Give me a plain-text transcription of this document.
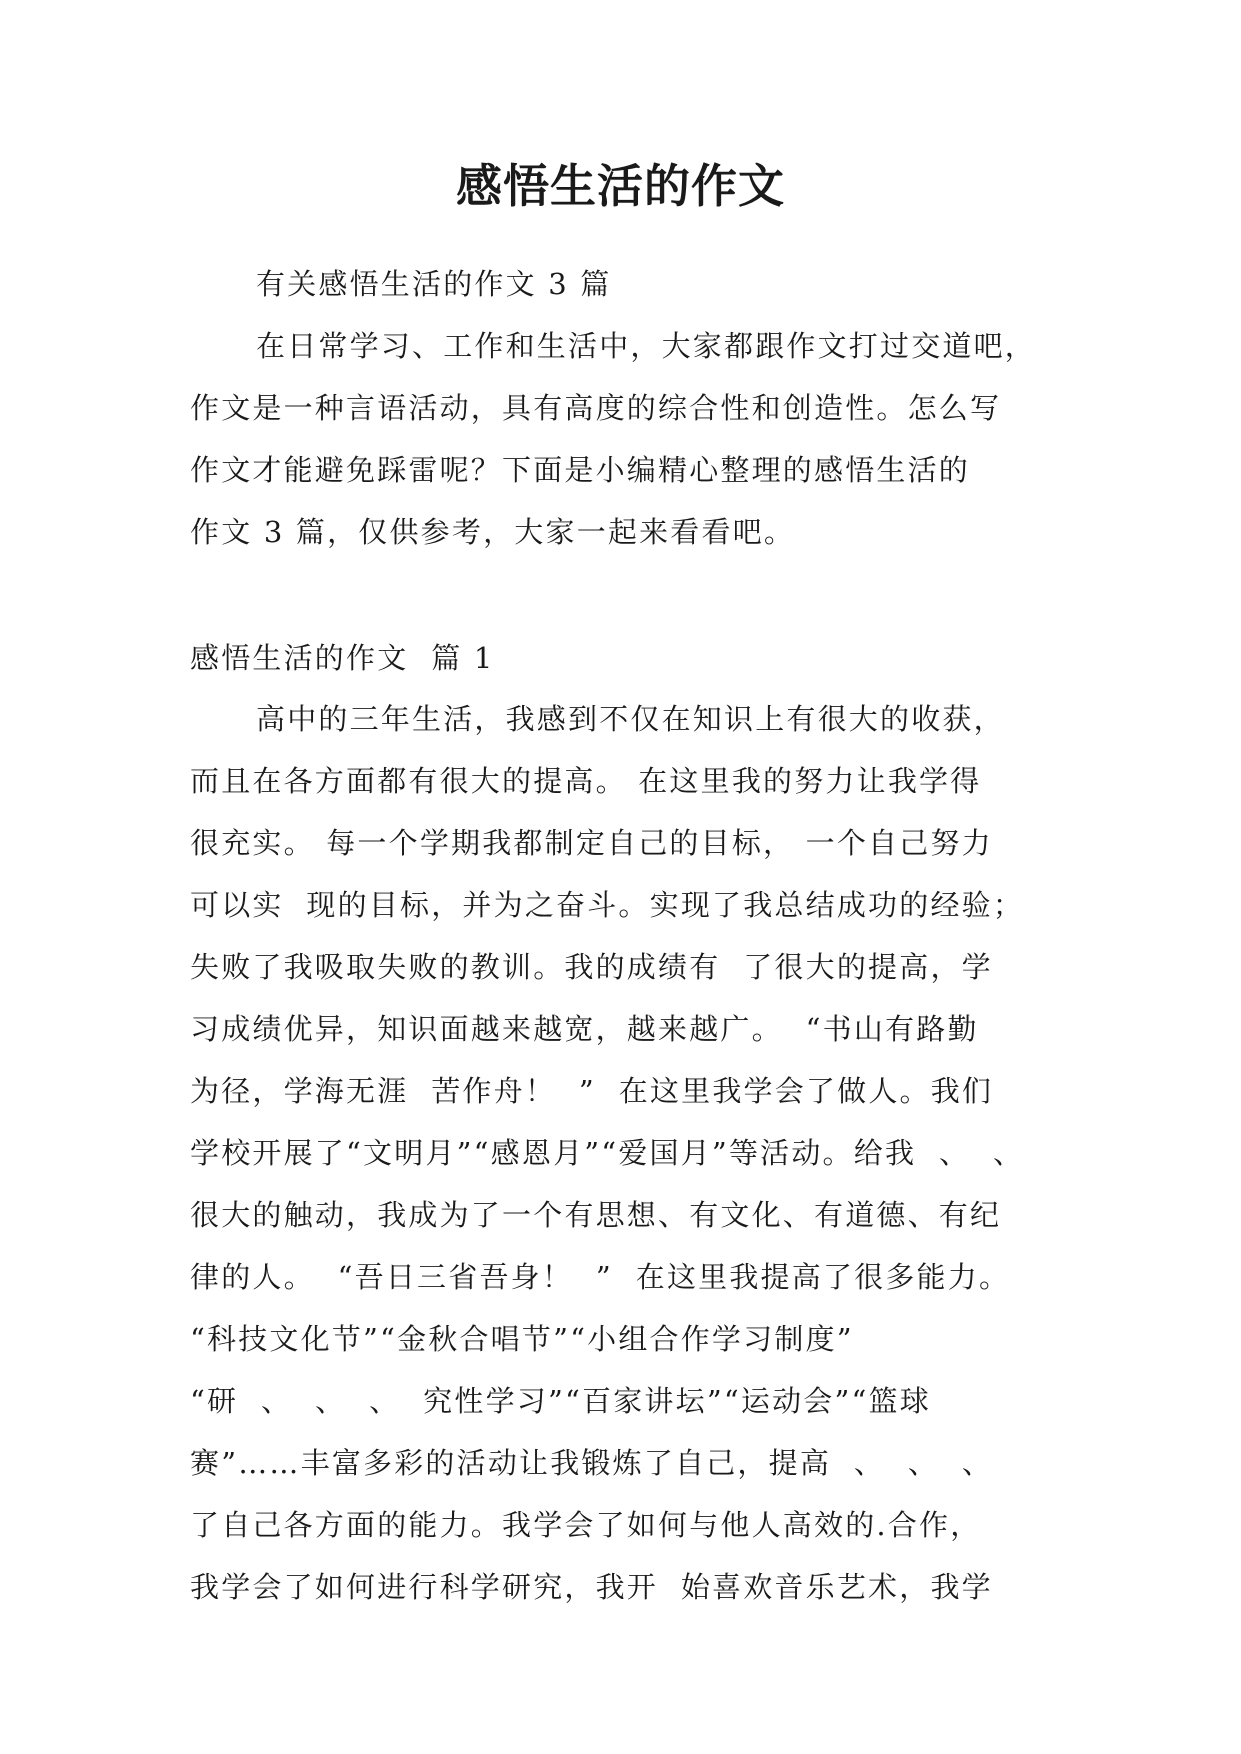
感悟生活的作文

有关感悟生活的作文 3 篇

在日常学习、工作和生活中，大家都跟作文打过交道吧，

作文是一种言语活动，具有高度的综合性和创造性。怎么写

作文才能避免踩雷呢？下面是小编精心整理的感悟生活的

作文 3 篇，仅供参考，大家一起来看看吧。

感悟生活的作文  篇 1

高中的三年生活，我感到不仅在知识上有很大的收获，

而且在各方面都有很大的提高。 在这里我的努力让我学得

很充实。 每一个学期我都制定自己的目标， 一个自己努力

可以实  现的目标，并为之奋斗。实现了我总结成功的经验；

失败了我吸取失败的教训。我的成绩有  了很大的提高，学

习成绩优异，知识面越来越宽，越来越广。  “书山有路勤

为径，学海无涯  苦作舟！  ”  在这里我学会了做人。我们

学校开展了“文明月”“感恩月”“爱国月”等活动。给我  、  、

很大的触动，我成为了一个有思想、有文化、有道德、有纪

律的人。  “吾日三省吾身！  ”  在这里我提高了很多能力。

“科技文化节”“金秋合唱节”“小组合作学习制度”

“研  、  、  、  究性学习”“百家讲坛”“运动会”“篮球

赛”……丰富多彩的活动让我锻炼了自己，提高  、  、  、

了自己各方面的能力。我学会了如何与他人高效的.合作，

我学会了如何进行科学研究，我开  始喜欢音乐艺术，我学
